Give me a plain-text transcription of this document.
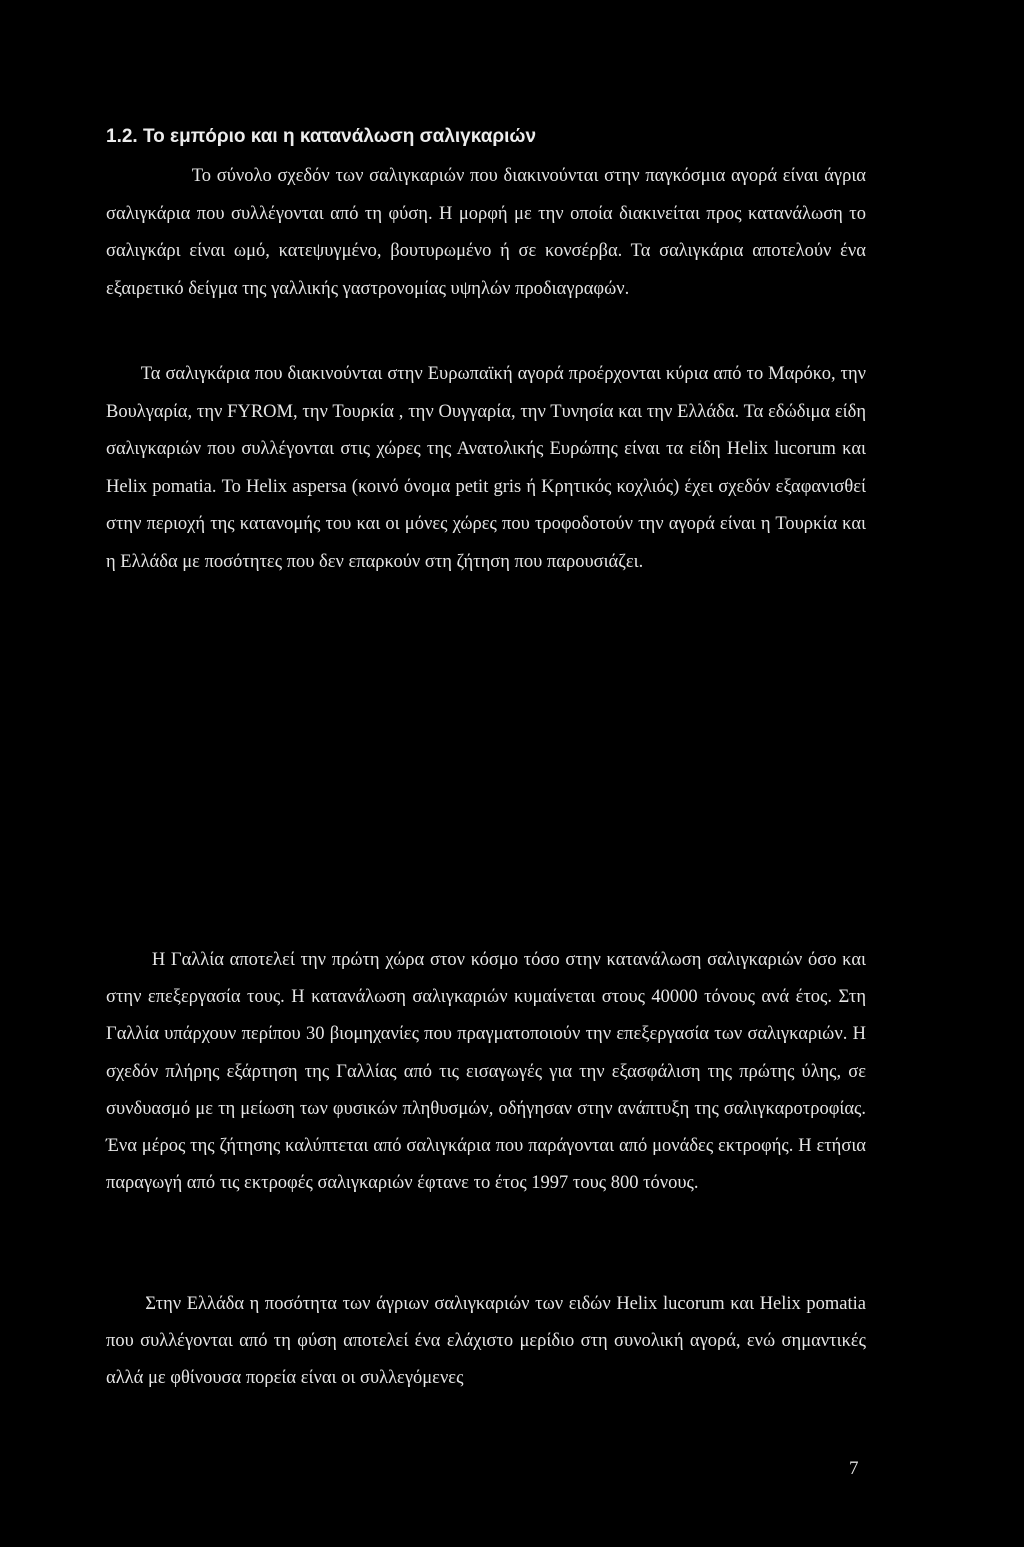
1.2. Το εμπόριο και η κατανάλωση σαλιγκαριών

Το σύνολο σχεδόν των σαλιγκαριών που διακινούνται στην παγκόσμια αγορά είναι άγρια σαλιγκάρια που συλλέγονται από τη φύση. Η μορφή με την οποία διακινείται προς κατανάλωση το σαλιγκάρι είναι ωμό, κατεψυγμένο, βουτυρωμένο ή σε κονσέρβα. Τα σαλιγκάρια αποτελούν ένα εξαιρετικό δείγμα της γαλλικής γαστρονομίας υψηλών προδιαγραφών.

Τα σαλιγκάρια που διακινούνται στην Ευρωπαϊκή αγορά προέρχονται κύρια από το Μαρόκο, την Βουλγαρία, την FYROM, την Τουρκία , την Ουγγαρία, την Τυνησία και την Ελλάδα. Τα εδώδιμα είδη σαλιγκαριών που συλλέγονται στις χώρες της Ανατολικής Ευρώπης είναι τα είδη Helix lucorum και Helix pomatia. Το Helix aspersa (κοινό όνομα petit gris ή Κρητικός κοχλιός) έχει σχεδόν εξαφανισθεί στην περιοχή της κατανομής του και οι μόνες χώρες που τροφοδοτούν την αγορά είναι η Τουρκία και η Ελλάδα με ποσότητες που δεν επαρκούν στη ζήτηση που παρουσιάζει.

Η Γαλλία αποτελεί την πρώτη χώρα στον κόσμο τόσο στην κατανάλωση σαλιγκαριών όσο και στην επεξεργασία τους. Η κατανάλωση σαλιγκαριών κυμαίνεται στους 40000 τόνους ανά έτος. Στη Γαλλία υπάρχουν περίπου 30 βιομηχανίες που πραγματοποιούν την επεξεργασία των σαλιγκαριών. Η σχεδόν πλήρης εξάρτηση της Γαλλίας από τις εισαγωγές για την εξασφάλιση της πρώτης ύλης, σε συνδυασμό με τη μείωση των φυσικών πληθυσμών, οδήγησαν στην ανάπτυξη της σαλιγκαροτροφίας. Ένα μέρος της ζήτησης καλύπτεται από σαλιγκάρια που παράγονται από μονάδες εκτροφής. Η ετήσια παραγωγή από τις εκτροφές σαλιγκαριών έφτανε το έτος 1997 τους 800 τόνους.

Στην Ελλάδα η ποσότητα των άγριων σαλιγκαριών των ειδών Helix lucorum και Helix pomatia που συλλέγονται από τη φύση αποτελεί ένα ελάχιστο μερίδιο στη συνολική αγορά, ενώ σημαντικές αλλά με φθίνουσα πορεία είναι οι συλλεγόμενες

7
